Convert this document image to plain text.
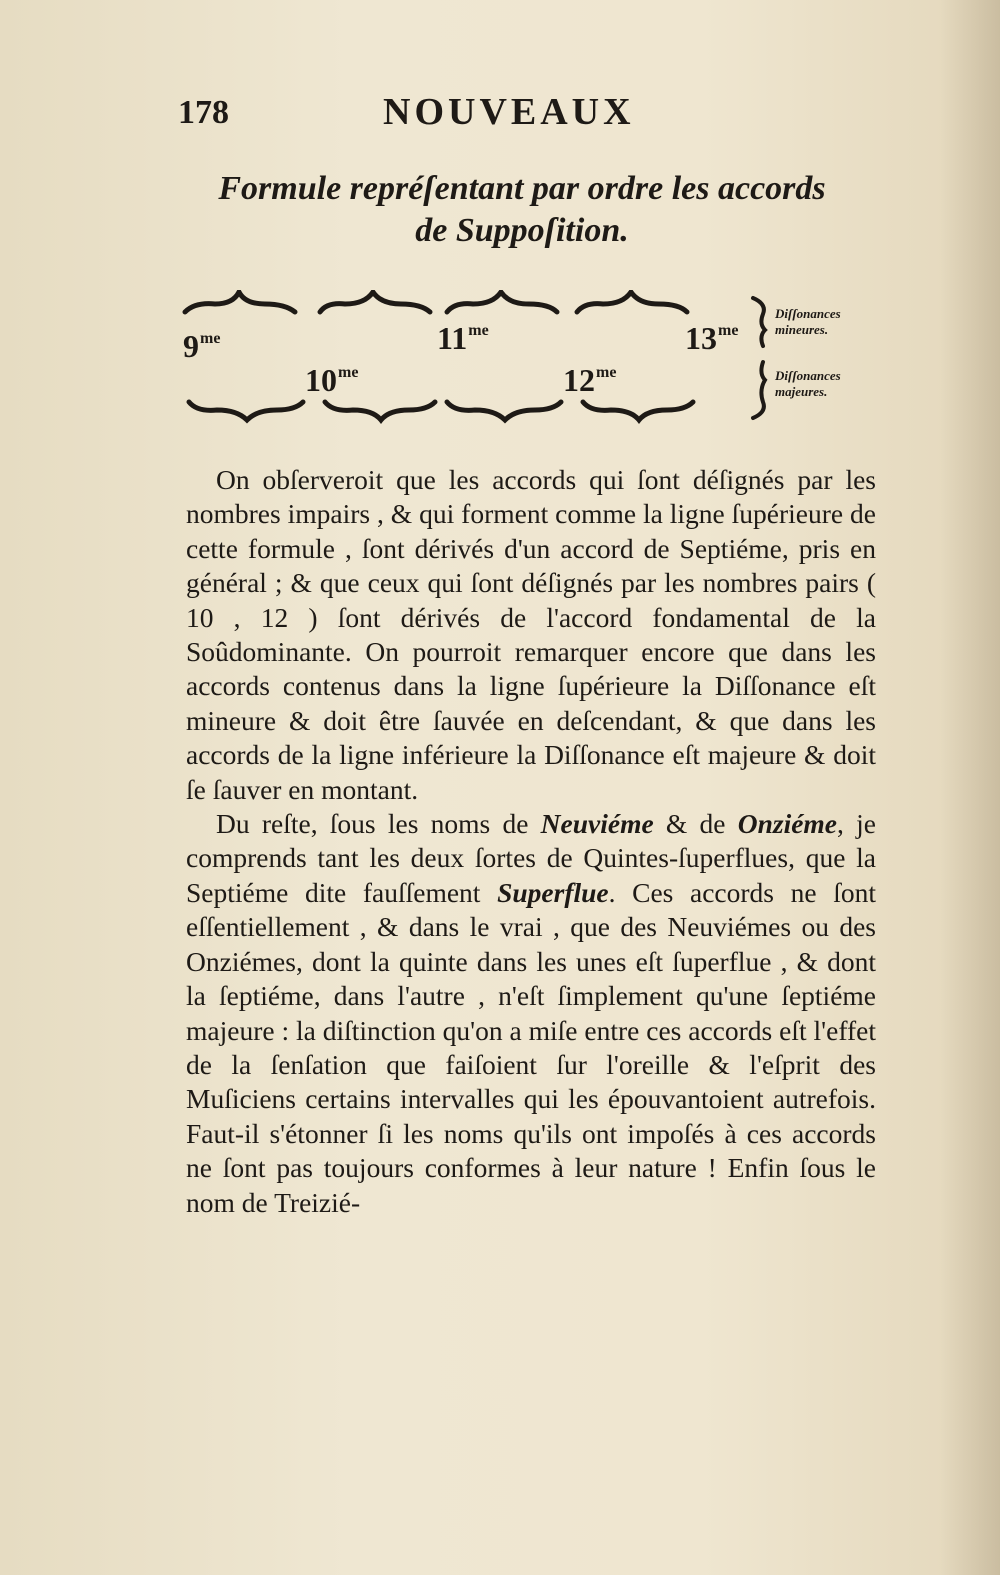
178	NOUVEAUX
Formule repréſentant par ordre les accords
de Suppoſition.
$9^{me}$	$11^{me}$	$13^{me}$
$10^{me}$	$12^{me}$
Diſſonances mineures.
Diſſonances majeures.

On obſerveroit que les accords qui ſont déſignés par les nombres impairs , & qui forment comme la ligne ſupérieure de cette formule , ſont dérivés d'un accord de Septiéme, pris en général ; & que ceux qui ſont déſignés par les nombres pairs ( 10 , 12 ) ſont dérivés de l'accord fondamental de la Soûdominante. On pourroit remarquer encore que dans les accords contenus dans la ligne ſupérieure la Diſſonance eſt mineure & doit être ſauvée en deſcendant, & que dans les accords de la ligne inférieure la Diſſonance eſt majeure & doit ſe ſauver en montant.

Du reſte, ſous les noms de Neuviéme & de Onziéme, je comprends tant les deux ſortes de Quintes-ſuperflues, que la Septiéme dite fauſſement Superflue. Ces accords ne ſont eſſentiellement , & dans le vrai , que des Neuviémes ou des Onziémes, dont la quinte dans les unes eſt ſuperflue , & dont la ſeptiéme, dans l'autre , n'eſt ſimplement qu'une ſeptiéme majeure : la diſtinction qu'on a miſe entre ces accords eſt l'effet de la ſenſation que faiſoient ſur l'oreille & l'eſprit des Muſiciens certains intervalles qui les épouvantoient autrefois. Faut-il s'étonner ſi les noms qu'ils ont impoſés à ces accords ne ſont pas toujours conformes à leur nature ! Enfin ſous le nom de Treizié-
